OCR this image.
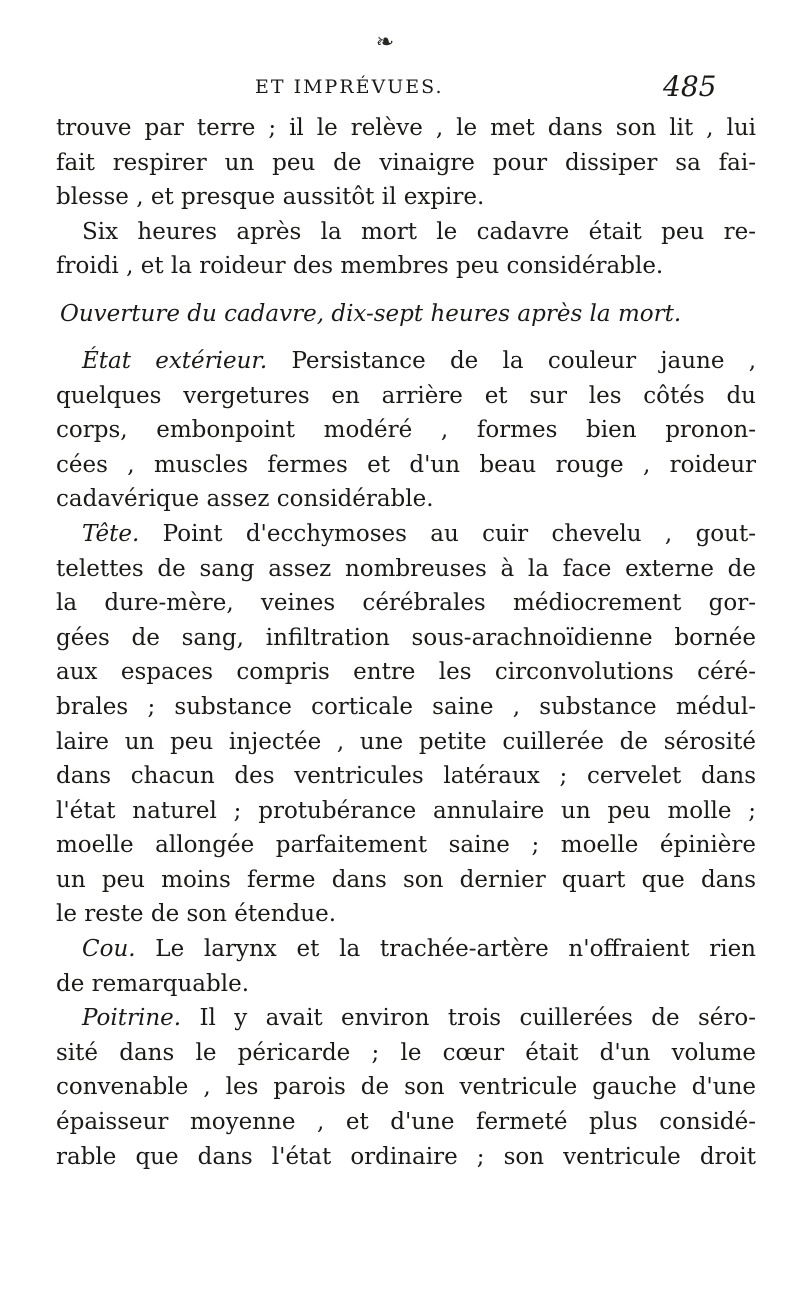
❧
ET IMPRÉVUES.	485
trouve par terre ; il le relève , le met dans son lit , lui
fait respirer un peu de vinaigre pour dissiper sa fai-
blesse , et presque aussitôt il expire.
Six heures après la mort le cadavre était peu re-
froidi , et la roideur des membres peu considérable.
Ouverture du cadavre, dix-sept heures après la mort.
État extérieur. Persistance de la couleur jaune ,
quelques vergetures en arrière et sur les côtés du
corps, embonpoint modéré , formes bien pronon-
cées , muscles fermes et d'un beau rouge , roideur
cadavérique assez considérable.
Tête. Point d'ecchymoses au cuir chevelu , gout-
telettes de sang assez nombreuses à la face externe de
la dure-mère, veines cérébrales médiocrement gor-
gées de sang, infiltration sous-arachnoïdienne bornée
aux espaces compris entre les circonvolutions céré-
brales ; substance corticale saine , substance médul-
laire un peu injectée , une petite cuillerée de sérosité
dans chacun des ventricules latéraux ; cervelet dans
l'état naturel ; protubérance annulaire un peu molle ;
moelle allongée parfaitement saine ; moelle épinière
un peu moins ferme dans son dernier quart que dans
le reste de son étendue.
Cou. Le larynx et la trachée-artère n'offraient rien
de remarquable.
Poitrine. Il y avait environ trois cuillerées de séro-
sité dans le péricarde ; le cœur était d'un volume
convenable , les parois de son ventricule gauche d'une
épaisseur moyenne , et d'une fermeté plus considé-
rable que dans l'état ordinaire ; son ventricule droit
